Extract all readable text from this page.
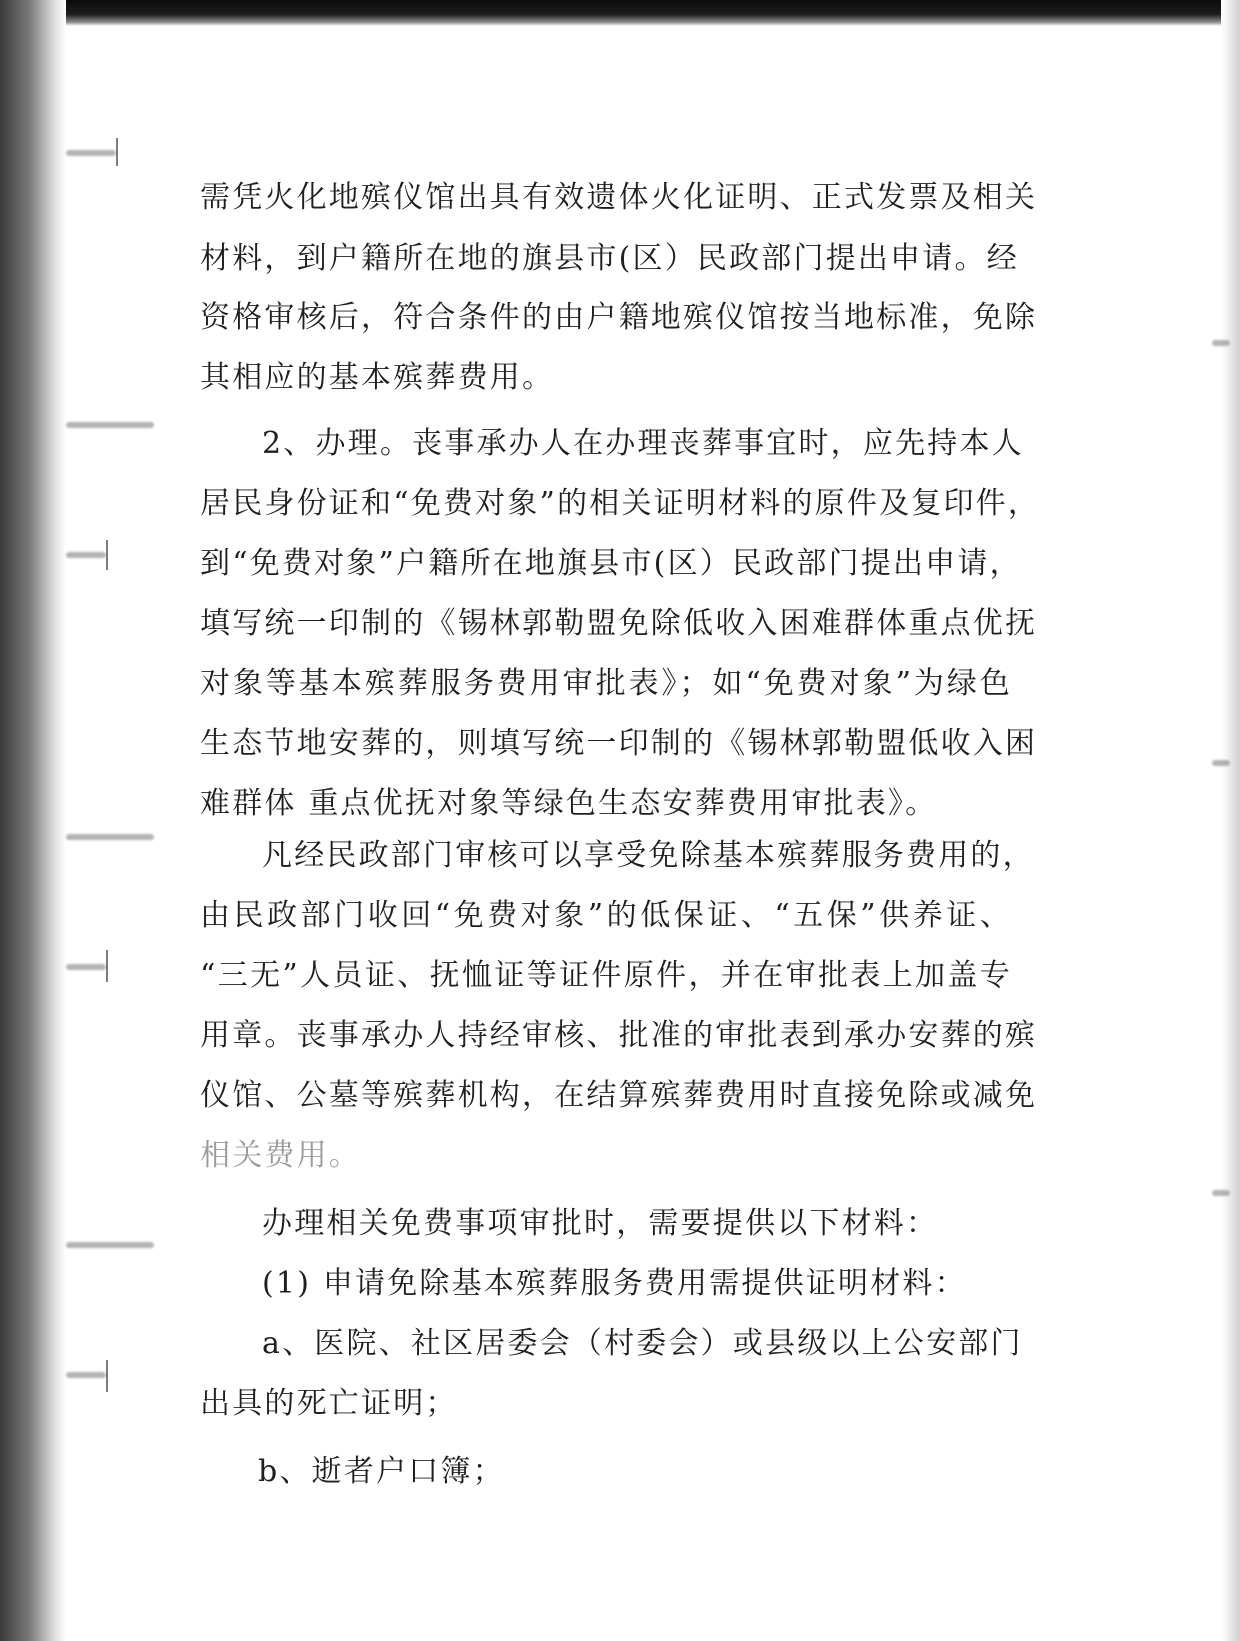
需凭火化地殡仪馆出具有效遗体火化证明、正式发票及相关
材料，到户籍所在地的旗县市(区）民政部门提出申请。经
资格审核后，符合条件的由户籍地殡仪馆按当地标准，免除
其相应的基本殡葬费用。
2、办理。丧事承办人在办理丧葬事宜时，应先持本人
居民身份证和“免费对象”的相关证明材料的原件及复印件，
到“免费对象”户籍所在地旗县市(区）民政部门提出申请，
填写统一印制的《锡林郭勒盟免除低收入困难群体重点优抚
对象等基本殡葬服务费用审批表》；如“免费对象”为绿色
生态节地安葬的，则填写统一印制的《锡林郭勒盟低收入困
难群体 重点优抚对象等绿色生态安葬费用审批表》。
凡经民政部门审核可以享受免除基本殡葬服务费用的，
由民政部门收回“免费对象”的低保证、“五保”供养证、
“三无”人员证、抚恤证等证件原件，并在审批表上加盖专
用章。丧事承办人持经审核、批准的审批表到承办安葬的殡
仪馆、公墓等殡葬机构，在结算殡葬费用时直接免除或减免
相关费用。
办理相关免费事项审批时，需要提供以下材料：
(1) 申请免除基本殡葬服务费用需提供证明材料：
a、医院、社区居委会（村委会）或县级以上公安部门
出具的死亡证明；
b、逝者户口簿；
